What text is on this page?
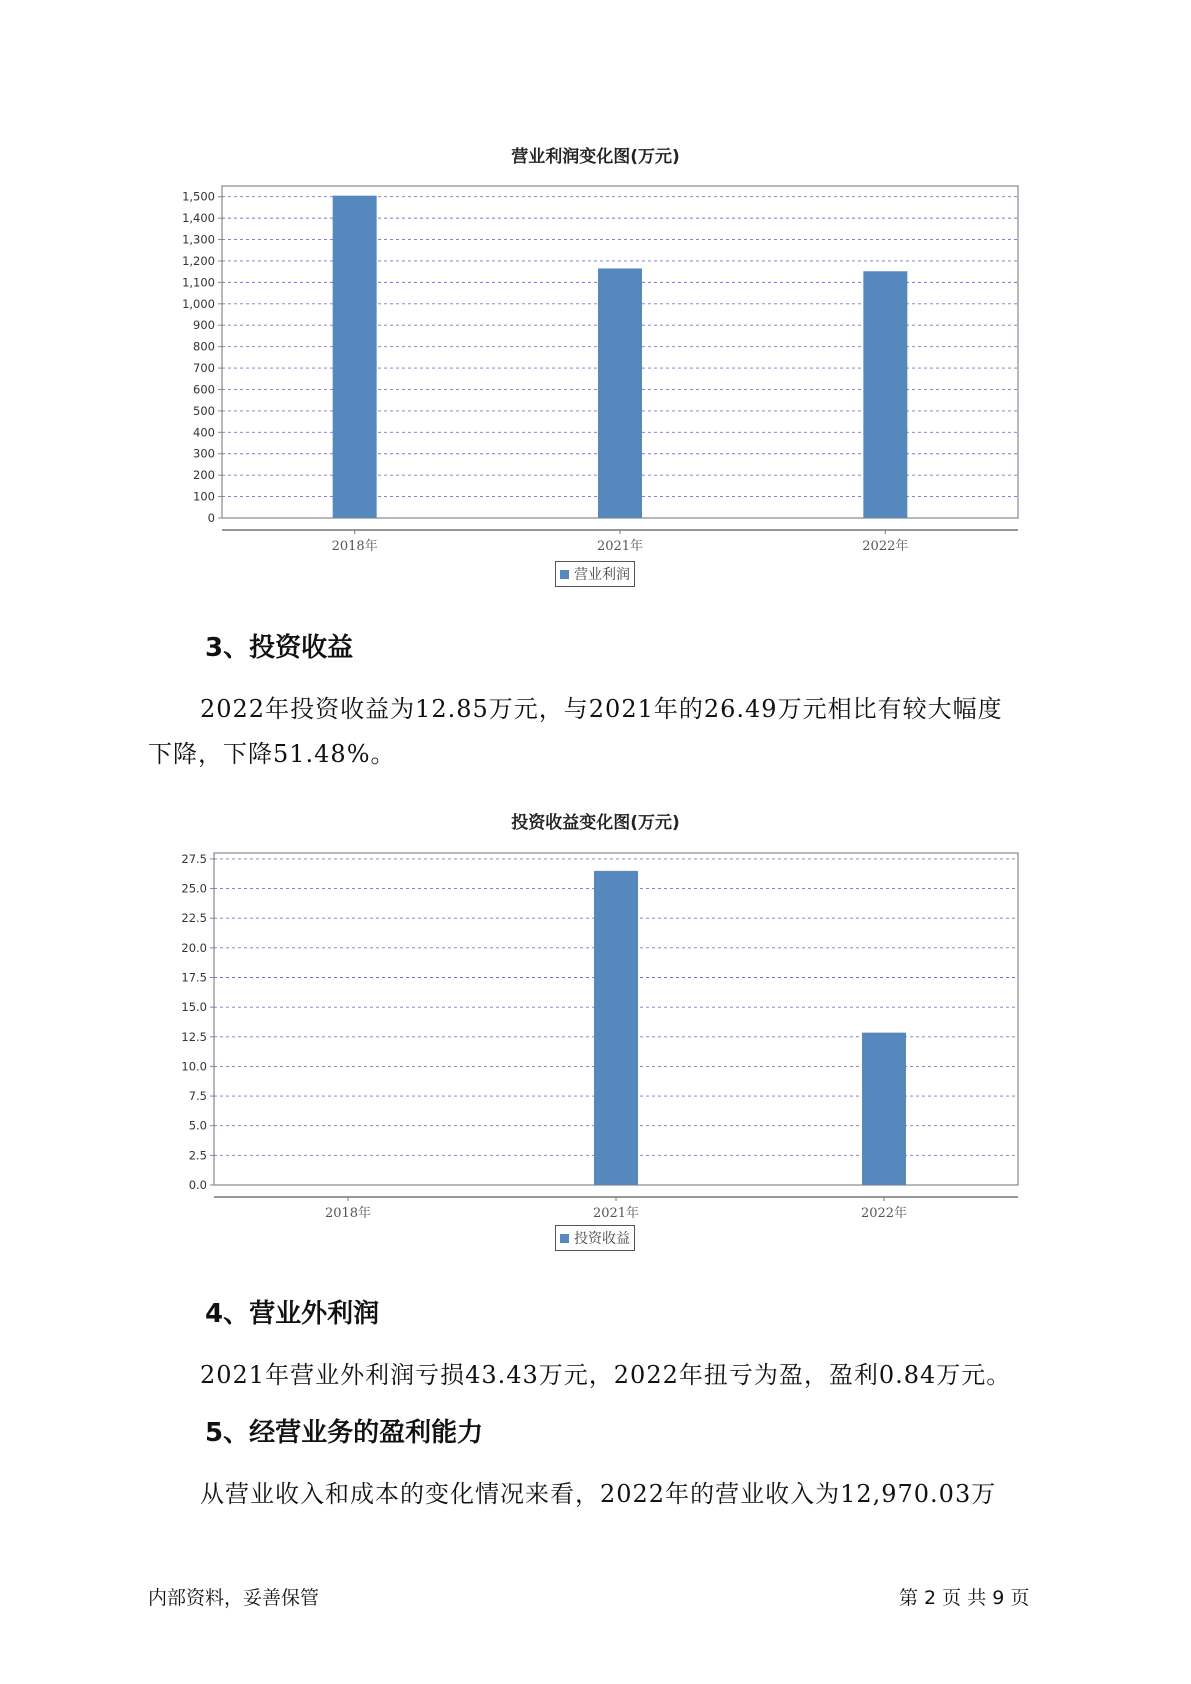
营业利润变化图(万元)
0
100
200
300
400
500
600
700
800
900
1,000
1,100
1,200
1,300
1,400
1,500
2018年	2021年	2022年
营业利润
3、投资收益
2022年投资收益为12.85万元，与2021年的26.49万元相比有较大幅度
下降，下降51.48%。
投资收益变化图(万元)
0.0
2.5
5.0
7.5
10.0
12.5
15.0
17.5
20.0
22.5
25.0
27.5
2018年	2021年	2022年
投资收益
4、营业外利润
2021年营业外利润亏损43.43万元，2022年扭亏为盈，盈利0.84万元。
5、经营业务的盈利能力
从营业收入和成本的变化情况来看，2022年的营业收入为12,970.03万
内部资料，妥善保管	第 2 页 共 9 页
